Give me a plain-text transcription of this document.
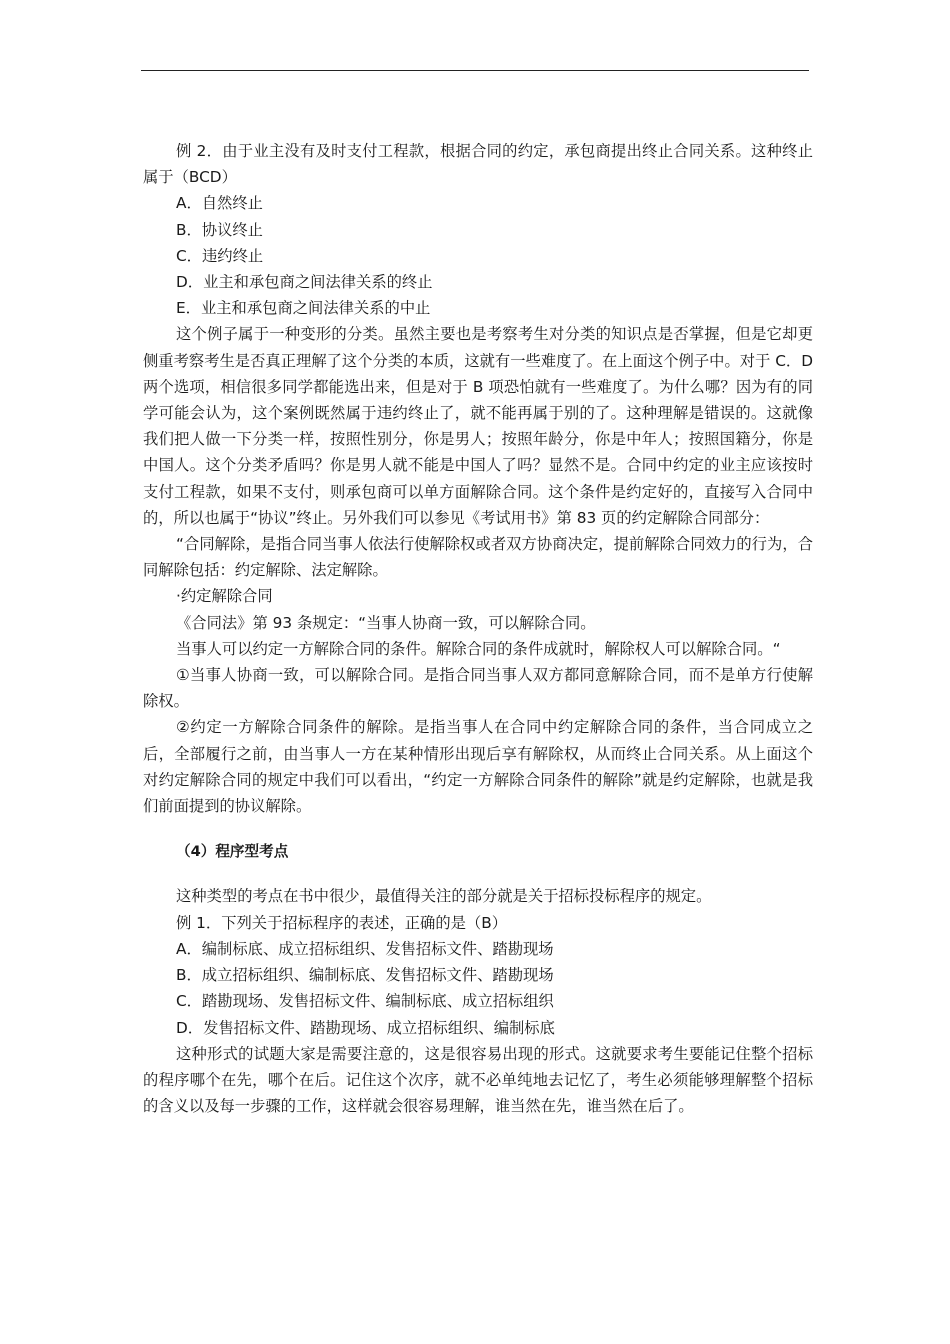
例 2．由于业主没有及时支付工程款，根据合同的约定，承包商提出终止合同关系。这种终止属于（BCD）

A．自然终止

B．协议终止

C．违约终止

D．业主和承包商之间法律关系的终止

E．业主和承包商之间法律关系的中止

这个例子属于一种变形的分类。虽然主要也是考察考生对分类的知识点是否掌握，但是它却更侧重考察考生是否真正理解了这个分类的本质，这就有一些难度了。在上面这个例子中。对于 C．D 两个选项，相信很多同学都能选出来，但是对于 B 项恐怕就有一些难度了。为什么哪？因为有的同学可能会认为，这个案例既然属于违约终止了，就不能再属于别的了。这种理解是错误的。这就像我们把人做一下分类一样，按照性别分，你是男人；按照年龄分，你是中年人；按照国籍分，你是中国人。这个分类矛盾吗？你是男人就不能是中国人了吗？显然不是。合同中约定的业主应该按时支付工程款，如果不支付，则承包商可以单方面解除合同。这个条件是约定好的，直接写入合同中的，所以也属于“协议”终止。另外我们可以参见《考试用书》第 83 页的约定解除合同部分：

“合同解除，是指合同当事人依法行使解除权或者双方协商决定，提前解除合同效力的行为，合同解除包括：约定解除、法定解除。

·约定解除合同

《合同法》第 93 条规定：“当事人协商一致，可以解除合同。

当事人可以约定一方解除合同的条件。解除合同的条件成就时，解除权人可以解除合同。“

①当事人协商一致，可以解除合同。是指合同当事人双方都同意解除合同，而不是单方行使解除权。

②约定一方解除合同条件的解除。是指当事人在合同中约定解除合同的条件，当合同成立之后，全部履行之前，由当事人一方在某种情形出现后享有解除权，从而终止合同关系。从上面这个对约定解除合同的规定中我们可以看出，“约定一方解除合同条件的解除”就是约定解除，也就是我们前面提到的协议解除。

（4）程序型考点

这种类型的考点在书中很少，最值得关注的部分就是关于招标投标程序的规定。

例 1．下列关于招标程序的表述，正确的是（B）

A．编制标底、成立招标组织、发售招标文件、踏勘现场

B．成立招标组织、编制标底、发售招标文件、踏勘现场

C．踏勘现场、发售招标文件、编制标底、成立招标组织

D．发售招标文件、踏勘现场、成立招标组织、编制标底

这种形式的试题大家是需要注意的，这是很容易出现的形式。这就要求考生要能记住整个招标的程序哪个在先，哪个在后。记住这个次序，就不必单纯地去记忆了，考生必须能够理解整个招标的含义以及每一步骤的工作，这样就会很容易理解，谁当然在先，谁当然在后了。
